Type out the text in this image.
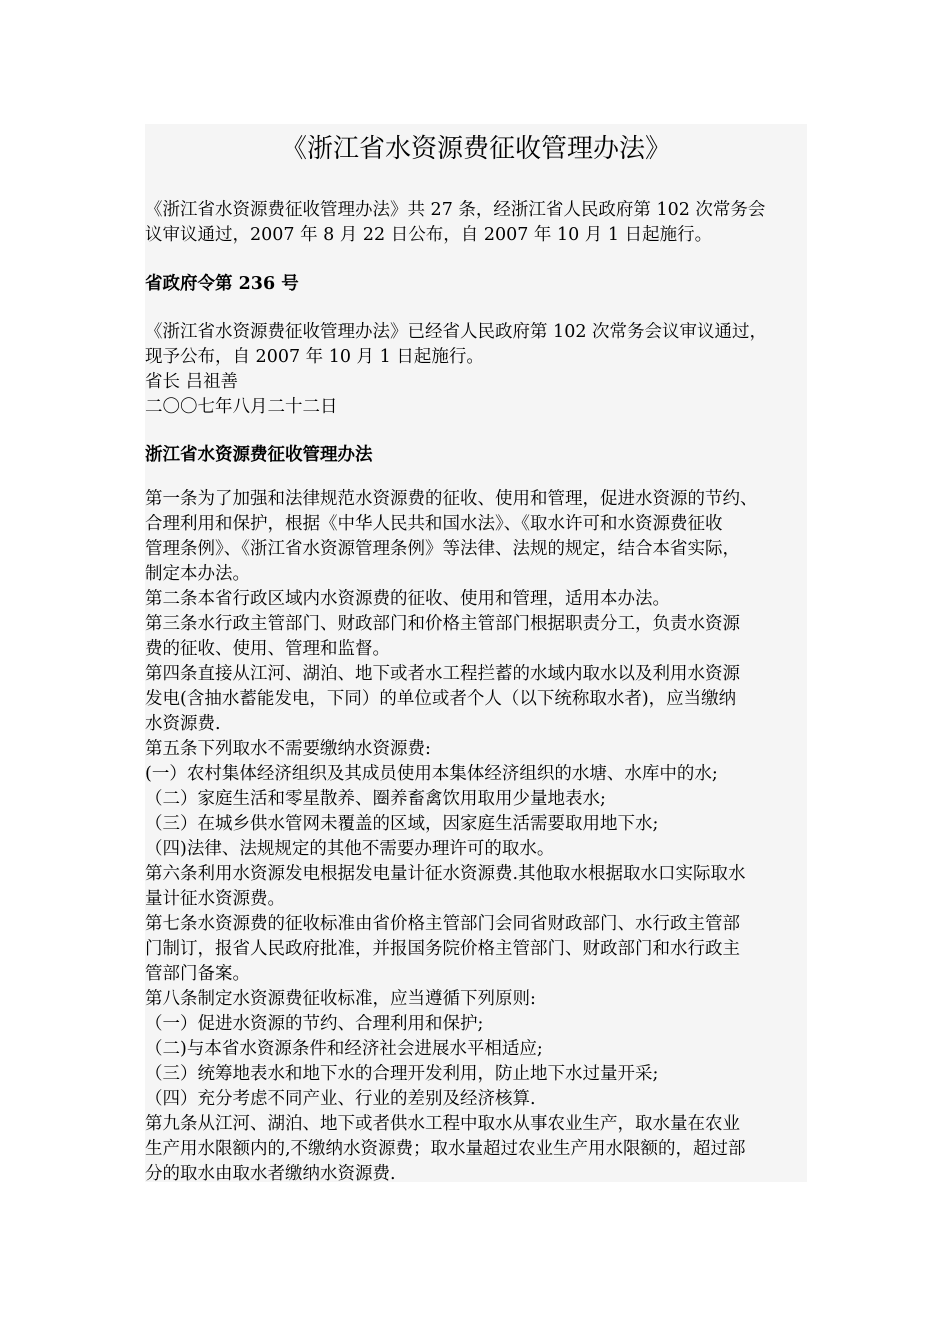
《浙江省水资源费征收管理办法》
《浙江省水资源费征收管理办法》共 27 条，经浙江省人民政府第 102 次常务会
议审议通过，2007 年 8 月 22 日公布，自 2007 年 10 月 1 日起施行。
省政府令第 236 号
《浙江省水资源费征收管理办法》已经省人民政府第 102 次常务会议审议通过，
现予公布，自 2007 年 10 月 1 日起施行。
省长 吕祖善
二〇〇七年八月二十二日
浙江省水资源费征收管理办法
第一条为了加强和法律规范水资源费的征收、使用和管理，促进水资源的节约、
合理利用和保护，根据《中华人民共和国水法》、《取水许可和水资源费征收
管理条例》、《浙江省水资源管理条例》等法律、法规的规定，结合本省实际，
制定本办法。
第二条本省行政区域内水资源费的征收、使用和管理，适用本办法。
第三条水行政主管部门、财政部门和价格主管部门根据职责分工，负责水资源
费的征收、使用、管理和监督。
第四条直接从江河、湖泊、地下或者水工程拦蓄的水域内取水以及利用水资源
发电(含抽水蓄能发电，下同）的单位或者个人（以下统称取水者)，应当缴纳
水资源费.
第五条下列取水不需要缴纳水资源费:
(一）农村集体经济组织及其成员使用本集体经济组织的水塘、水库中的水;
（二）家庭生活和零星散养、圈养畜禽饮用取用少量地表水;
（三）在城乡供水管网未覆盖的区域，因家庭生活需要取用地下水;
（四)法律、法规规定的其他不需要办理许可的取水。
第六条利用水资源发电根据发电量计征水资源费.其他取水根据取水口实际取水
量计征水资源费。
第七条水资源费的征收标准由省价格主管部门会同省财政部门、水行政主管部
门制订，报省人民政府批准，并报国务院价格主管部门、财政部门和水行政主
管部门备案。
第八条制定水资源费征收标准，应当遵循下列原则:
（一）促进水资源的节约、合理利用和保护;
（二)与本省水资源条件和经济社会进展水平相适应;
（三）统筹地表水和地下水的合理开发利用，防止地下水过量开采;
（四）充分考虑不同产业、行业的差别及经济核算.
第九条从江河、湖泊、地下或者供水工程中取水从事农业生产，取水量在农业
生产用水限额内的,不缴纳水资源费；取水量超过农业生产用水限额的，超过部
分的取水由取水者缴纳水资源费.
